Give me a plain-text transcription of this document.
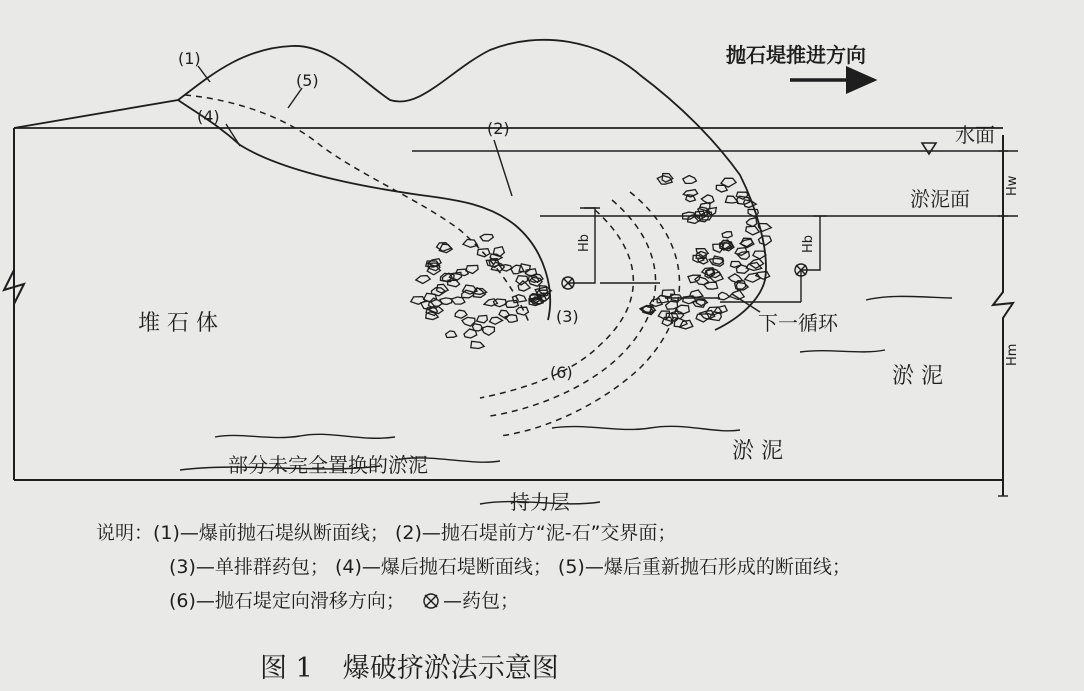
(1)
(5)
(4)
(2)
(3)
(6)
抛石堤推进方向
水面
淤泥面
Hw
Hb	Hb
Hm
堆 石 体	下一循环
淤 泥
淤 泥
部分未完全置换的淤泥
持力层
说明：(1)—爆前抛石堤纵断面线； (2)—抛石堤前方“泥-石”交界面；
(3)—单排群药包； (4)—爆后抛石堤断面线； (5)—爆后重新抛石形成的断面线；
(6)—抛石堤定向滑移方向； —药包；
图 1 爆破挤淤法示意图
